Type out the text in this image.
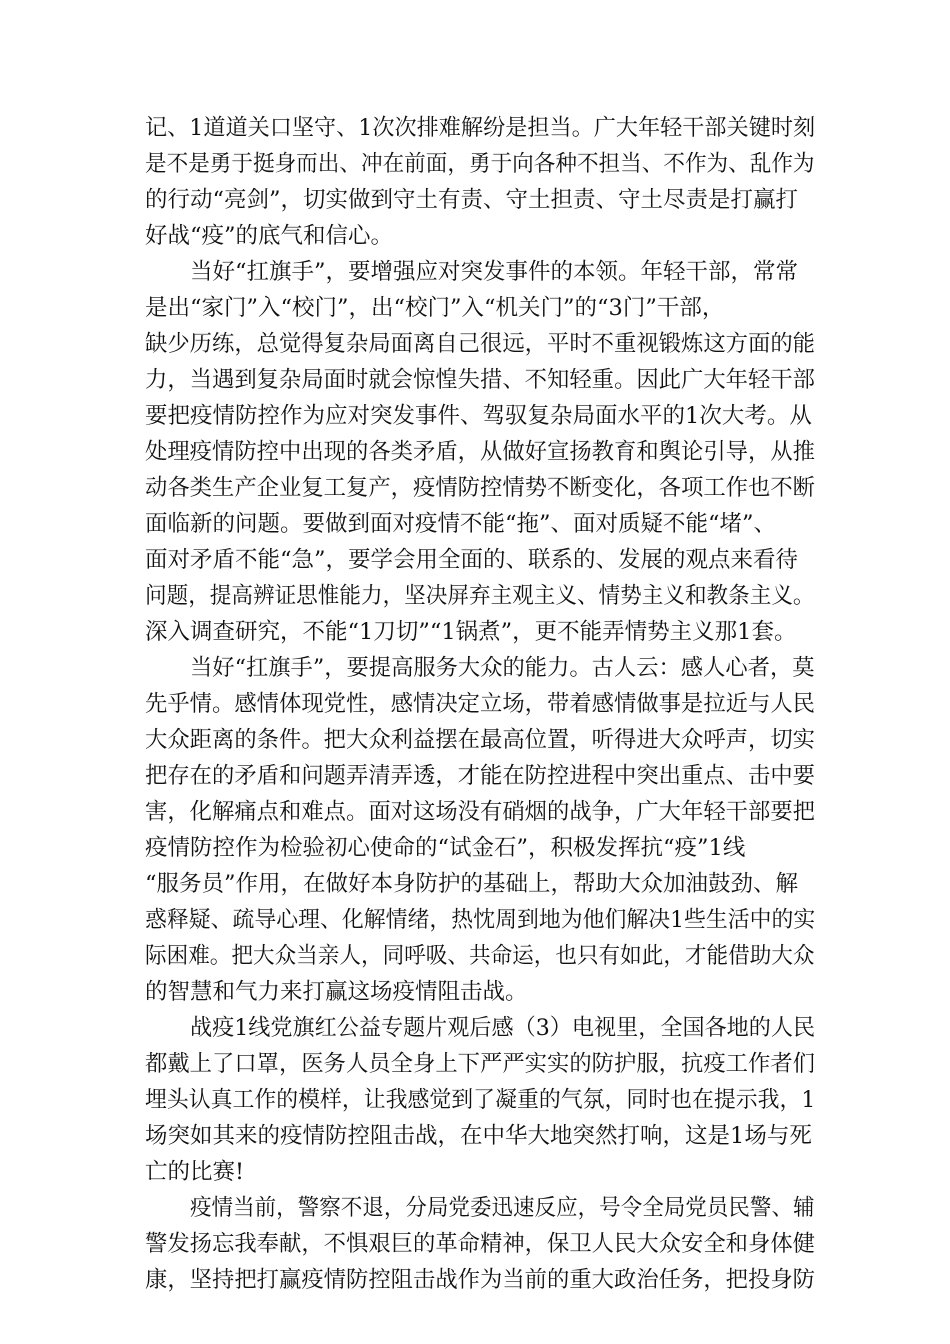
记、1道道关口坚守、1次次排难解纷是担当。广大年轻干部关键时刻
是不是勇于挺身而出、冲在前面，勇于向各种不担当、不作为、乱作为
的行动“亮剑”，切实做到守土有责、守土担责、守土尽责是打赢打
好战“疫”的底气和信心。
当好“扛旗手”，要增强应对突发事件的本领。年轻干部，常常
是出“家门”入“校门”，出“校门”入“机关门”的“3门”干部，
缺少历练，总觉得复杂局面离自己很远，平时不重视锻炼这方面的能
力，当遇到复杂局面时就会惊惶失措、不知轻重。因此广大年轻干部
要把疫情防控作为应对突发事件、驾驭复杂局面水平的1次大考。从
处理疫情防控中出现的各类矛盾，从做好宣扬教育和舆论引导，从推
动各类生产企业复工复产，疫情防控情势不断变化，各项工作也不断
面临新的问题。要做到面对疫情不能“拖”、面对质疑不能“堵”、
面对矛盾不能“急”，要学会用全面的、联系的、发展的观点来看待
问题，提高辨证思惟能力，坚决屏弃主观主义、情势主义和教条主义。
深入调查研究，不能“1刀切”“1锅煮”，更不能弄情势主义那1套。
当好“扛旗手”，要提高服务大众的能力。古人云：感人心者，莫
先乎情。感情体现党性，感情决定立场，带着感情做事是拉近与人民
大众距离的条件。把大众利益摆在最高位置，听得进大众呼声，切实
把存在的矛盾和问题弄清弄透，才能在防控进程中突出重点、击中要
害，化解痛点和难点。面对这场没有硝烟的战争，广大年轻干部要把
疫情防控作为检验初心使命的“试金石”，积极发挥抗“疫”1线
“服务员”作用，在做好本身防护的基础上，帮助大众加油鼓劲、解
惑释疑、疏导心理、化解情绪，热忱周到地为他们解决1些生活中的实
际困难。把大众当亲人，同呼吸、共命运，也只有如此，才能借助大众
的智慧和气力来打赢这场疫情阻击战。
战疫1线党旗红公益专题片观后感（3）电视里，全国各地的人民
都戴上了口罩，医务人员全身上下严严实实的防护服，抗疫工作者们
埋头认真工作的模样，让我感觉到了凝重的气氛，同时也在提示我，1
场突如其来的疫情防控阻击战，在中华大地突然打响，这是1场与死
亡的比赛!
疫情当前，警察不退，分局党委迅速反应，号令全局党员民警、辅
警发扬忘我奉献，不惧艰巨的革命精神，保卫人民大众安全和身体健
康，坚持把打赢疫情防控阻击战作为当前的重大政治任务，把投身防
